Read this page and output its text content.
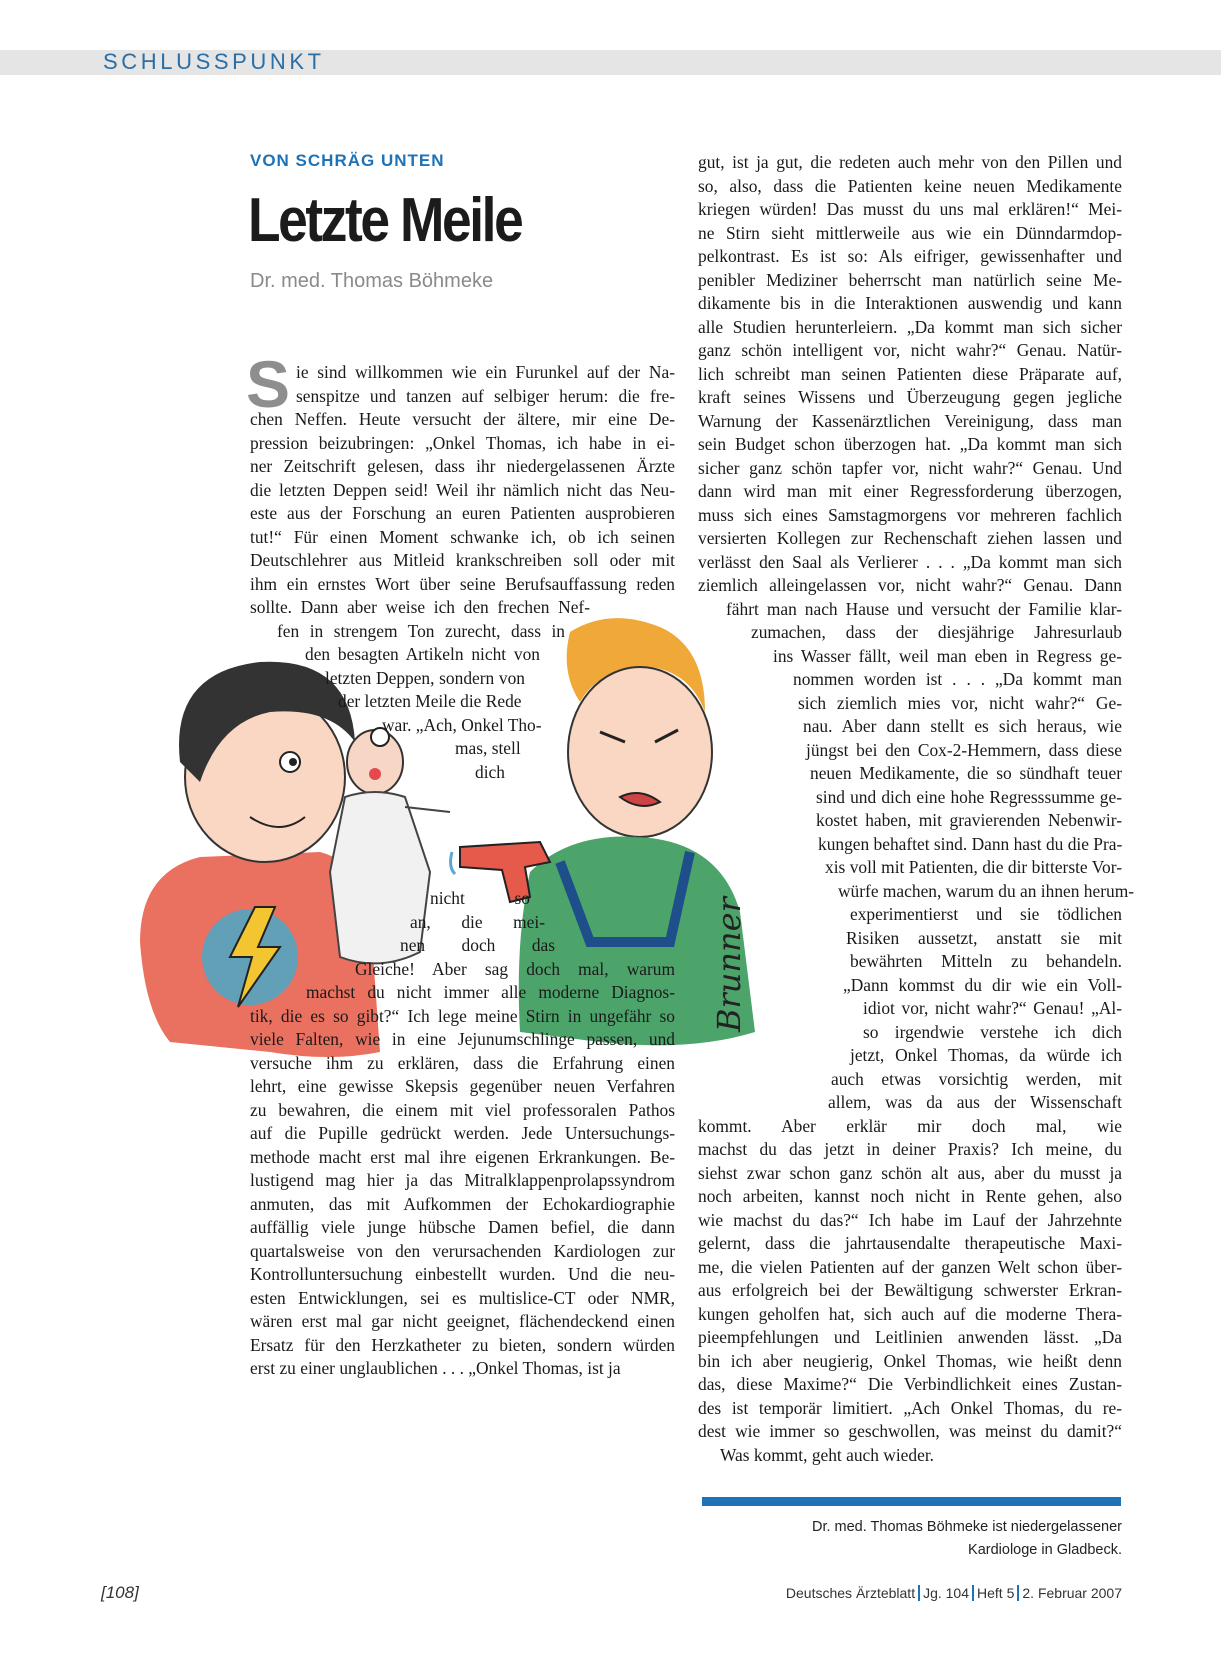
SCHLUSSPUNKT
VON SCHRÄG UNTEN
Letzte Meile
Dr. med. Thomas Böhmeke
Brunner
S ie sind willkommen wie ein Furunkel auf der Na-
senspitze und tanzen auf selbiger herum: die fre-
chen Neffen. Heute versucht der ältere, mir eine De-
pression beizubringen: „Onkel Thomas, ich habe in ei-
ner Zeitschrift gelesen, dass ihr niedergelassenen Ärzte
die letzten Deppen seid! Weil ihr nämlich nicht das Neu-
este aus der Forschung an euren Patienten ausprobieren
tut!“ Für einen Moment schwanke ich, ob ich seinen
Deutschlehrer aus Mitleid krankschreiben soll oder mit
ihm ein ernstes Wort über seine Berufsauffassung reden
sollte. Dann aber weise ich den frechen Nef-
fen in strengem Ton zurecht, dass in
den besagten Artikeln nicht von
letzten Deppen, sondern von
der letzten Meile die Rede
war. „Ach, Onkel Tho-
mas, stell
dich
nicht so
an, die mei-
nen doch das
Gleiche! Aber sag doch mal, warum
machst du nicht immer alle moderne Diagnos-
tik, die es so gibt?“ Ich lege meine Stirn in ungefähr so
viele Falten, wie in eine Jejunumschlinge passen, und
versuche ihm zu erklären, dass die Erfahrung einen
lehrt, eine gewisse Skepsis gegenüber neuen Verfahren
zu bewahren, die einem mit viel professoralen Pathos
auf die Pupille gedrückt werden. Jede Untersuchungs-
methode macht erst mal ihre eigenen Erkrankungen. Be-
lustigend mag hier ja das Mitralklappenprolapssyndrom
anmuten, das mit Aufkommen der Echokardiographie
auffällig viele junge hübsche Damen befiel, die dann
quartalsweise von den verursachenden Kardiologen zur
Kontrolluntersuchung einbestellt wurden. Und die neu-
esten Entwicklungen, sei es multislice-CT oder NMR,
wären erst mal gar nicht geeignet, flächendeckend einen
Ersatz für den Herzkatheter zu bieten, sondern würden
erst zu einer unglaublichen . . . „Onkel Thomas, ist ja
gut, ist ja gut, die redeten auch mehr von den Pillen und
so, also, dass die Patienten keine neuen Medikamente
kriegen würden! Das musst du uns mal erklären!“ Mei-
ne Stirn sieht mittlerweile aus wie ein Dünndarmdop-
pelkontrast. Es ist so: Als eifriger, gewissenhafter und
penibler Mediziner beherrscht man natürlich seine Me-
dikamente bis in die Interaktionen auswendig und kann
alle Studien herunterleiern. „Da kommt man sich sicher
ganz schön intelligent vor, nicht wahr?“ Genau. Natür-
lich schreibt man seinen Patienten diese Präparate auf,
kraft seines Wissens und Überzeugung gegen jegliche
Warnung der Kassenärztlichen Vereinigung, dass man
sein Budget schon überzogen hat. „Da kommt man sich
sicher ganz schön tapfer vor, nicht wahr?“ Genau. Und
dann wird man mit einer Regressforderung überzogen,
muss sich eines Samstagmorgens vor mehreren fachlich
versierten Kollegen zur Rechenschaft ziehen lassen und
verlässt den Saal als Verlierer . . . „Da kommt man sich
ziemlich alleingelassen vor, nicht wahr?“ Genau. Dann
fährt man nach Hause und versucht der Familie klar-
zumachen, dass der diesjährige Jahresurlaub
ins Wasser fällt, weil man eben in Regress ge-
nommen worden ist . . . „Da kommt man
sich ziemlich mies vor, nicht wahr?“ Ge-
nau. Aber dann stellt es sich heraus, wie
jüngst bei den Cox-2-Hemmern, dass diese
neuen Medikamente, die so sündhaft teuer
sind und dich eine hohe Regresssumme ge-
kostet haben, mit gravierenden Nebenwir-
kungen behaftet sind. Dann hast du die Pra-
xis voll mit Patienten, die dir bitterste Vor-
würfe machen, warum du an ihnen herum-
experimentierst und sie tödlichen
Risiken aussetzt, anstatt sie mit
bewährten Mitteln zu behandeln.
„Dann kommst du dir wie ein Voll-
idiot vor, nicht wahr?“ Genau! „Al-
so irgendwie verstehe ich dich
jetzt, Onkel Thomas, da würde ich
auch etwas vorsichtig werden, mit
allem, was da aus der Wissenschaft
kommt. Aber erklär mir doch mal, wie
machst du das jetzt in deiner Praxis? Ich meine, du
siehst zwar schon ganz schön alt aus, aber du musst ja
noch arbeiten, kannst noch nicht in Rente gehen, also
wie machst du das?“ Ich habe im Lauf der Jahrzehnte
gelernt, dass die jahrtausendalte therapeutische Maxi-
me, die vielen Patienten auf der ganzen Welt schon über-
aus erfolgreich bei der Bewältigung schwerster Erkran-
kungen geholfen hat, sich auch auf die moderne Thera-
pieempfehlungen und Leitlinien anwenden lässt. „Da
bin ich aber neugierig, Onkel Thomas, wie heißt denn
das, diese Maxime?“ Die Verbindlichkeit eines Zustan-
des ist temporär limitiert. „Ach Onkel Thomas, du re-
dest wie immer so geschwollen, was meinst du damit?“
Was kommt, geht auch wieder.
Dr. med. Thomas Böhmeke ist niedergelassener
Kardiologe in Gladbeck.
[108]	Deutsches Ärzteblatt Jg. 104 Heft 5 2. Februar 2007
